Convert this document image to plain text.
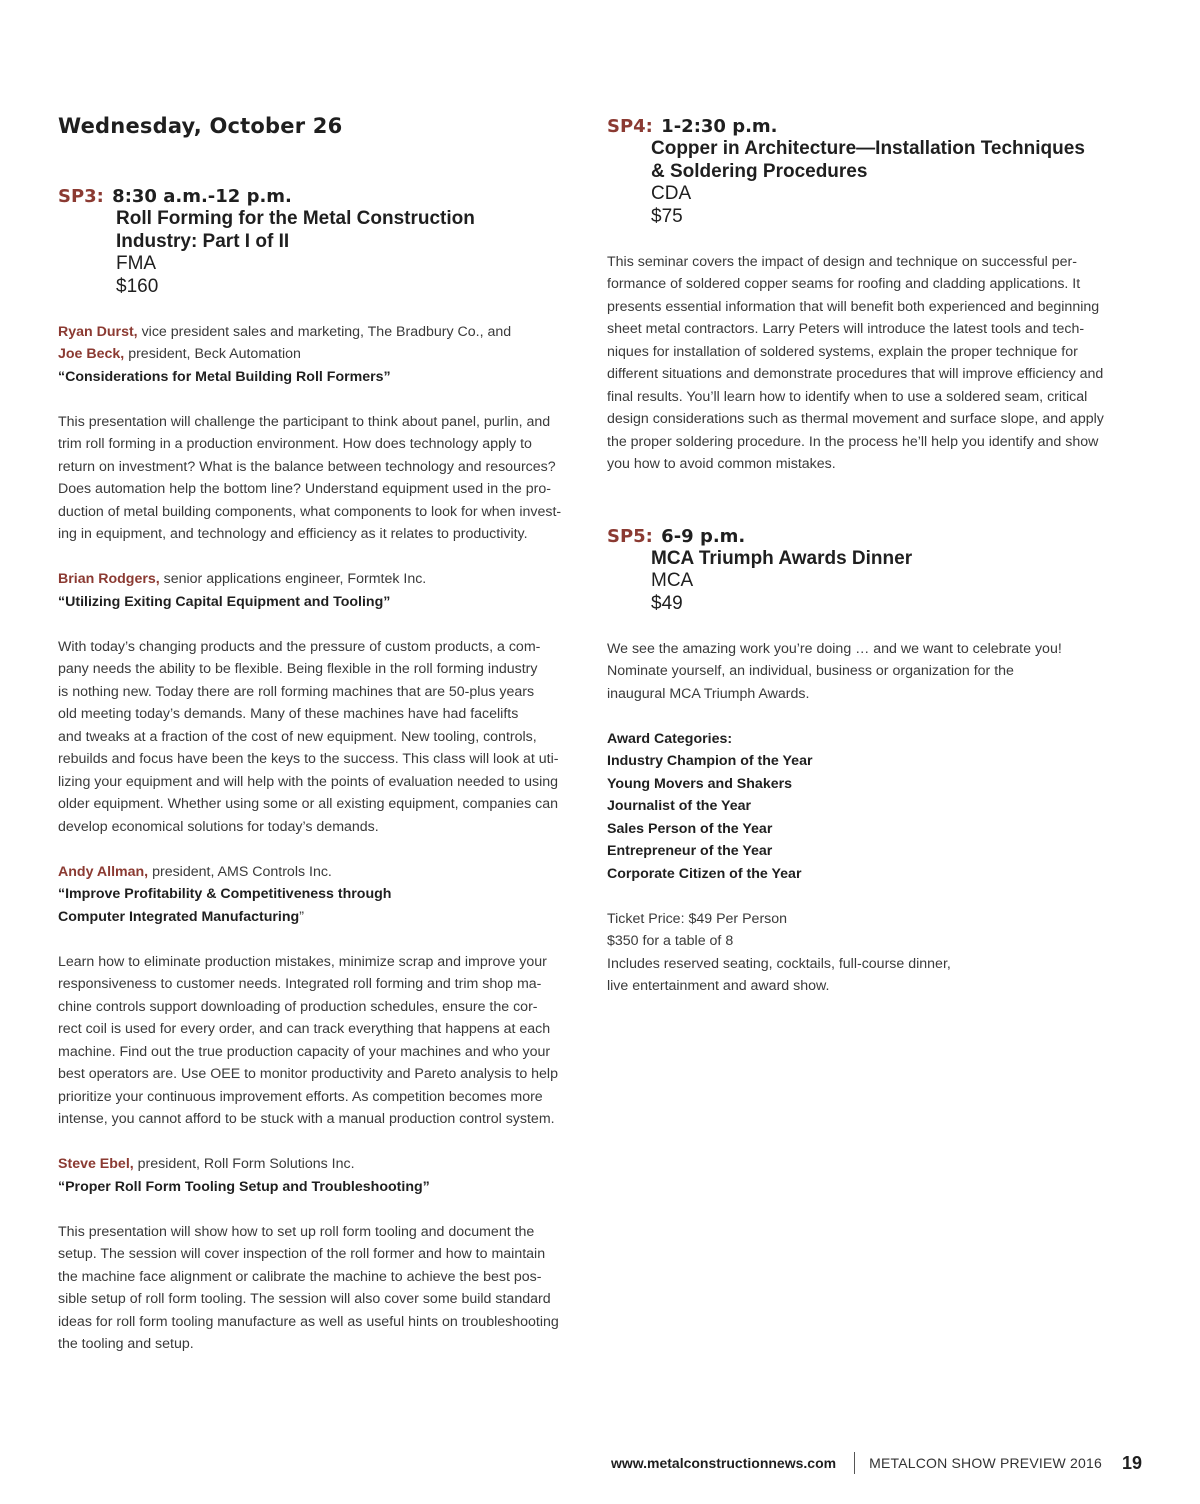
Wednesday, October 26
SP3: 8:30 a.m.-12 p.m.
Roll Forming for the Metal Construction
Industry: Part I of II
FMA
$160

Ryan Durst, vice president sales and marketing, The Bradbury Co., and

Joe Beck, president, Beck Automation

“Considerations for Metal Building Roll Formers”

This presentation will challenge the participant to think about panel, purlin, and

trim roll forming in a production environment. How does technology apply to

return on investment? What is the balance between technology and resources?

Does automation help the bottom line? Understand equipment used in the pro-

duction of metal building components, what components to look for when invest-

ing in equipment, and technology and efficiency as it relates to productivity.

Brian Rodgers, senior applications engineer, Formtek Inc.

“Utilizing Exiting Capital Equipment and Tooling”

With today’s changing products and the pressure of custom products, a com-

pany needs the ability to be flexible. Being flexible in the roll forming industry

is nothing new. Today there are roll forming machines that are 50-plus years

old meeting today’s demands. Many of these machines have had facelifts

and tweaks at a fraction of the cost of new equipment. New tooling, controls,

rebuilds and focus have been the keys to the success. This class will look at uti-

lizing your equipment and will help with the points of evaluation needed to using

older equipment. Whether using some or all existing equipment, companies can

develop economical solutions for today’s demands.

Andy Allman, president, AMS Controls Inc.

“Improve Profitability & Competitiveness through

Computer Integrated Manufacturing”

Learn how to eliminate production mistakes, minimize scrap and improve your

responsiveness to customer needs. Integrated roll forming and trim shop ma-

chine controls support downloading of production schedules, ensure the cor-

rect coil is used for every order, and can track everything that happens at each

machine. Find out the true production capacity of your machines and who your

best operators are. Use OEE to monitor productivity and Pareto analysis to help

prioritize your continuous improvement efforts. As competition becomes more

intense, you cannot afford to be stuck with a manual production control system.

Steve Ebel, president, Roll Form Solutions Inc.

“Proper Roll Form Tooling Setup and Troubleshooting”

This presentation will show how to set up roll form tooling and document the

setup. The session will cover inspection of the roll former and how to maintain

the machine face alignment or calibrate the machine to achieve the best pos-

sible setup of roll form tooling. The session will also cover some build standard

ideas for roll form tooling manufacture as well as useful hints on troubleshooting

the tooling and setup.

SP4: 1-2:30 p.m.
Copper in Architecture—Installation Techniques
& Soldering Procedures
CDA
$75

This seminar covers the impact of design and technique on successful per-

formance of soldered copper seams for roofing and cladding applications. It

presents essential information that will benefit both experienced and beginning

sheet metal contractors. Larry Peters will introduce the latest tools and tech-

niques for installation of soldered systems, explain the proper technique for

different situations and demonstrate procedures that will improve efficiency and

final results. You’ll learn how to identify when to use a soldered seam, critical

design considerations such as thermal movement and surface slope, and apply

the proper soldering procedure. In the process he’ll help you identify and show

you how to avoid common mistakes.

SP5: 6-9 p.m.
MCA Triumph Awards Dinner
MCA
$49

We see the amazing work you’re doing … and we want to celebrate you!

Nominate yourself, an individual, business or organization for the

inaugural MCA Triumph Awards.

Award Categories:

Industry Champion of the Year

Young Movers and Shakers

Journalist of the Year

Sales Person of the Year

Entrepreneur of the Year

Corporate Citizen of the Year

Ticket Price: $49 Per Person

$350 for a table of 8

Includes reserved seating, cocktails, full-course dinner,

live entertainment and award show.

www.metalconstructionnews.com METALCON SHOW PREVIEW 2016 19
